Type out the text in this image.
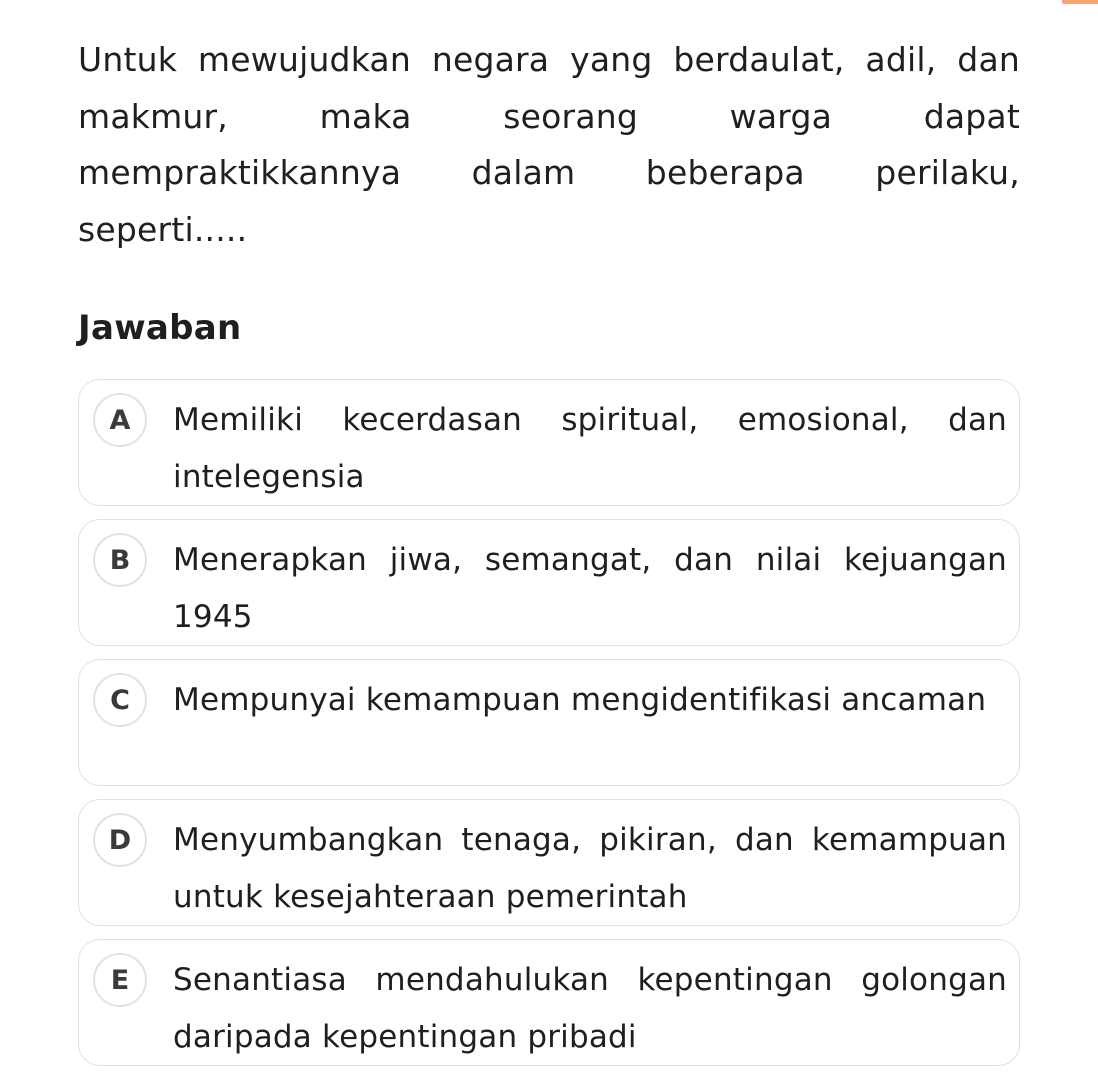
Untuk mewujudkan negara yang berdaulat, adil, dan makmur, maka seorang warga dapat mempraktikkannya dalam beberapa perilaku, seperti.....
Jawaban
A	Memiliki kecerdasan spiritual, emosional, dan intelegensia
B	Menerapkan jiwa, semangat, dan nilai kejuangan 1945
C	Mempunyai kemampuan mengidentifikasi ancaman
D	Menyumbangkan tenaga, pikiran, dan kemampuan untuk kesejahteraan pemerintah
E	Senantiasa mendahulukan kepentingan golongan daripada kepentingan pribadi
